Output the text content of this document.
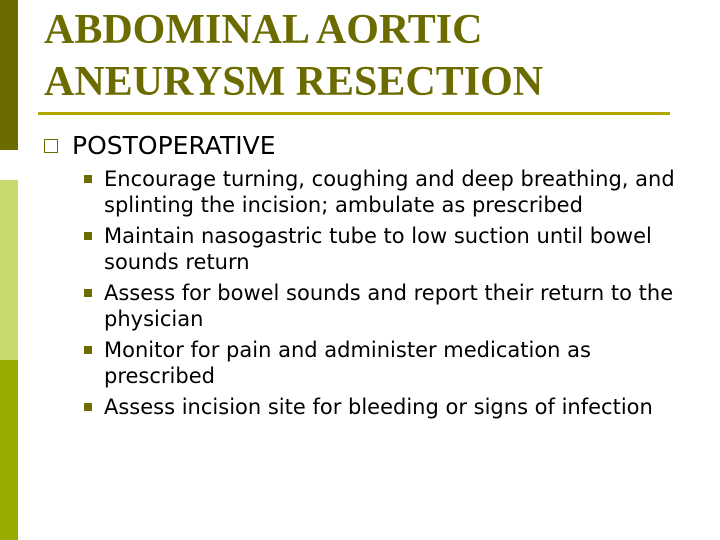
ABDOMINAL AORTIC
ANEURYSM RESECTION
POSTOPERATIVE
Encourage turning, coughing and deep breathing, and splinting the incision; ambulate as prescribed
Maintain nasogastric tube to low suction until bowel sounds return
Assess for bowel sounds and report their return to the physician
Monitor for pain and administer medication as prescribed
Assess incision site for bleeding or signs of infection
